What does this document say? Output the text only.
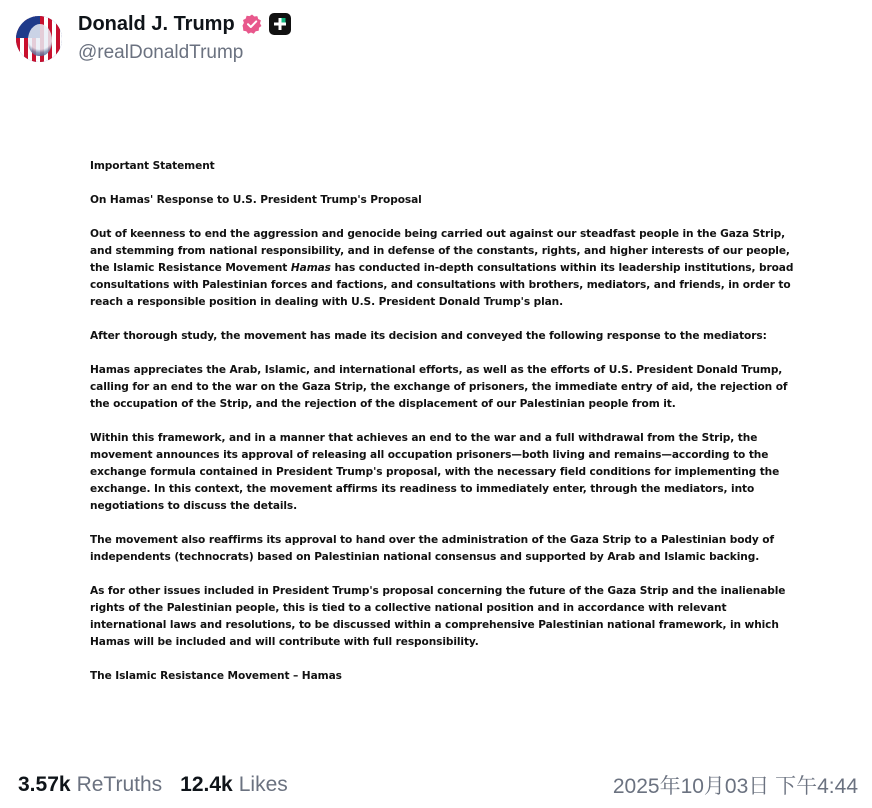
Donald J. Trump
@realDonaldTrump

Important Statement

On Hamas' Response to U.S. President Trump's Proposal

Out of keenness to end the aggression and genocide being carried out against our steadfast people in the Gaza Strip, and stemming from national responsibility, and in defense of the constants, rights, and higher interests of our people, the Islamic Resistance Movement Hamas has conducted in-depth consultations within its leadership institutions, broad consultations with Palestinian forces and factions, and consultations with brothers, mediators, and friends, in order to reach a responsible position in dealing with U.S. President Donald Trump's plan.

After thorough study, the movement has made its decision and conveyed the following response to the mediators:

Hamas appreciates the Arab, Islamic, and international efforts, as well as the efforts of U.S. President Donald Trump, calling for an end to the war on the Gaza Strip, the exchange of prisoners, the immediate entry of aid, the rejection of the occupation of the Strip, and the rejection of the displacement of our Palestinian people from it.

Within this framework, and in a manner that achieves an end to the war and a full withdrawal from the Strip, the movement announces its approval of releasing all occupation prisoners—both living and remains—according to the exchange formula contained in President Trump's proposal, with the necessary field conditions for implementing the exchange. In this context, the movement affirms its readiness to immediately enter, through the mediators, into negotiations to discuss the details.

The movement also reaffirms its approval to hand over the administration of the Gaza Strip to a Palestinian body of independents (technocrats) based on Palestinian national consensus and supported by Arab and Islamic backing.

As for other issues included in President Trump's proposal concerning the future of the Gaza Strip and the inalienable rights of the Palestinian people, this is tied to a collective national position and in accordance with relevant international laws and resolutions, to be discussed within a comprehensive Palestinian national framework, in which Hamas will be included and will contribute with full responsibility.

The Islamic Resistance Movement – Hamas

3.57k ReTruths 12.4k Likes	2025年10月03日 下午4:44
